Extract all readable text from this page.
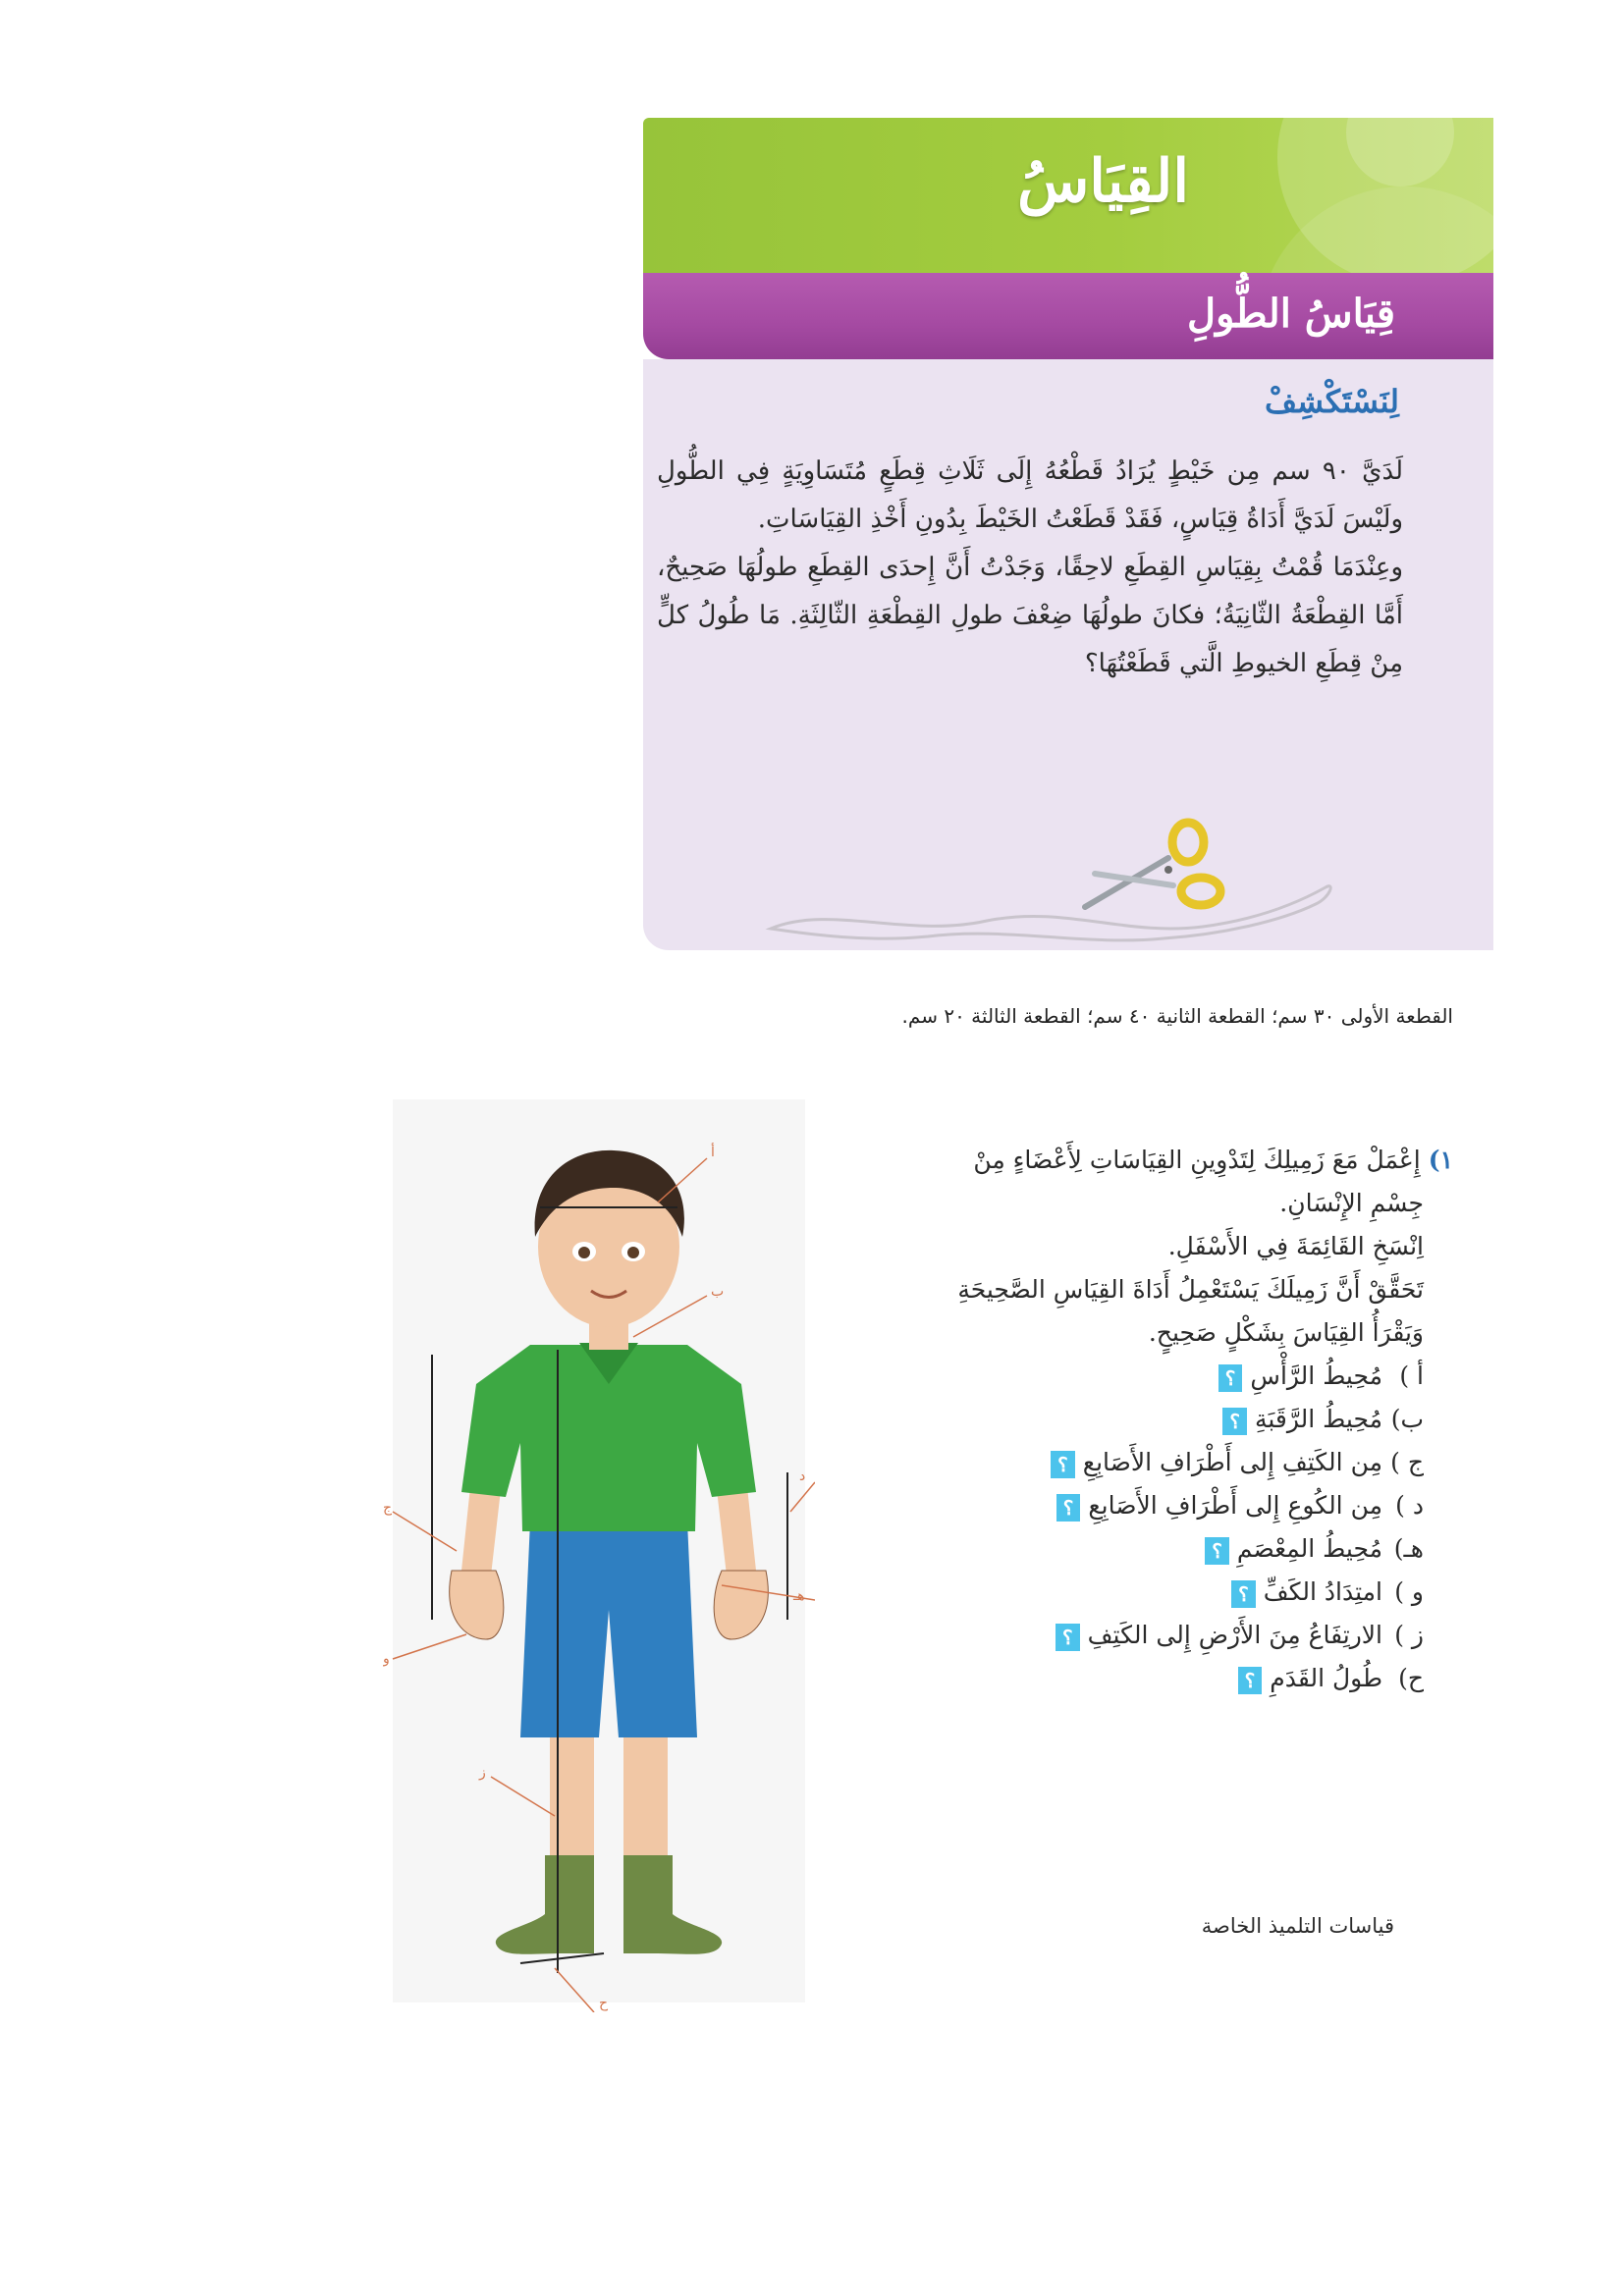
القِيَاسُ
قِيَاسُ الطُّولِ
لِنَسْتَكْشِفْ

لَدَيَّ ٩٠ سم مِن خَيْطٍ يُرَادُ قَطْعُهُ إِلَى ثَلَاثِ قِطَعٍ مُتَسَاوِيَةٍ فِي الطُّولِ ولَيْسَ لَدَيَّ أَدَاةُ قِيَاسٍ، فَقَدْ قَطَعْتُ الخَيْطَ بِدُونِ أَخْذِ القِيَاسَاتِ.

وعِنْدَمَا قُمْتُ بِقِيَاسِ القِطَعِ لاحِقًا، وَجَدْتُ أَنَّ إِحدَى القِطَعِ طولُهَا صَحِيحٌ، أَمَّا القِطْعَةُ الثّانِيَةُ؛ فكانَ طولُهَا ضِعْفَ طولِ القِطْعَةِ الثّالِثَةِ. مَا طُولُ كلٍّ مِنْ قِطَعِ الخيوطِ الَّتي قَطَعْتُهَا؟

القطعة الأولى ٣٠ سم؛ القطعة الثانية ٤٠ سم؛ القطعة الثالثة ٢٠ سم.
أ
ب
ج
د
هـ
و
ز
ح
١) إِعْمَلْ مَعَ زَمِيلِكَ لِتَدْوِينِ القِيَاسَاتِ لِأَعْضَاءٍ مِنْ
جِسْمِ الإِنْسَانِ.
اِنْسَخِ القَائِمَةَ فِي الأَسْفَلِ.
تَحَقَّقْ أَنَّ زَمِيلَكَ يَسْتَعْمِلُ أَدَاةَ القِيَاسِ الصَّحِيحَةِ
وَيَقْرَأُ القِيَاسَ بِشَكْلٍ صَحِيحٍ.
أ )مُحِيطُ الرَّأْسِ؟
ب)مُحِيطُ الرَّقَبَةِ؟
ج )مِن الكَتِفِ إِلى أَطْرَافِ الأَصَابِعِ؟
د )مِن الكُوعِ إِلى أَطْرَافِ الأَصَابِعِ؟
هـ)مُحِيطُ المِعْصَمِ؟
و )امتِدَادُ الكَفِّ؟
ز )الارتِفَاعُ مِنَ الأَرْضِ إِلى الكَتِفِ؟
ح)طُولُ القَدَمِ؟
قياسات التلميذ الخاصة
